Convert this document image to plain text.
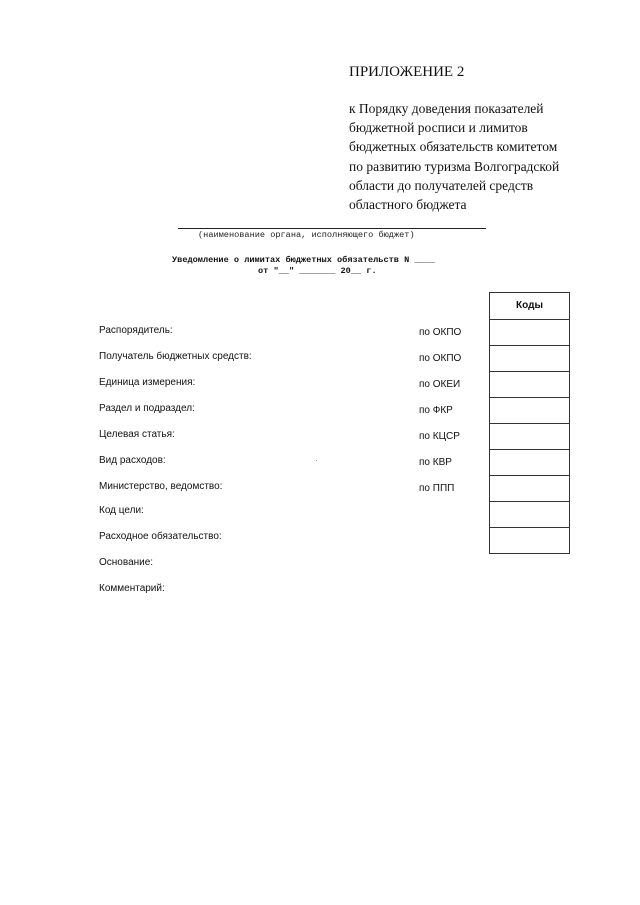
ПРИЛОЖЕНИЕ 2
к Порядку доведения показателей
бюджетной росписи и лимитов
бюджетных обязательств комитетом
по развитию туризма Волгоградской
области до получателей средств
областного бюджета
(наименование органа, исполняющего бюджет)
Уведомление о лимитах бюджетных обязательств N ____
от "__" _______ 20__ г.
Коды
Распорядитель:	по ОКПО
Получатель бюджетных средств:	по ОКПО
Единица измерения:	по ОКЕИ
Раздел и подраздел:	по ФКР
Целевая статья:	по КЦСР
Вид расходов:	по КВР
Министерство, ведомство:	по ППП
Код цели:
Расходное обязательство:
Основание:
Комментарий:
